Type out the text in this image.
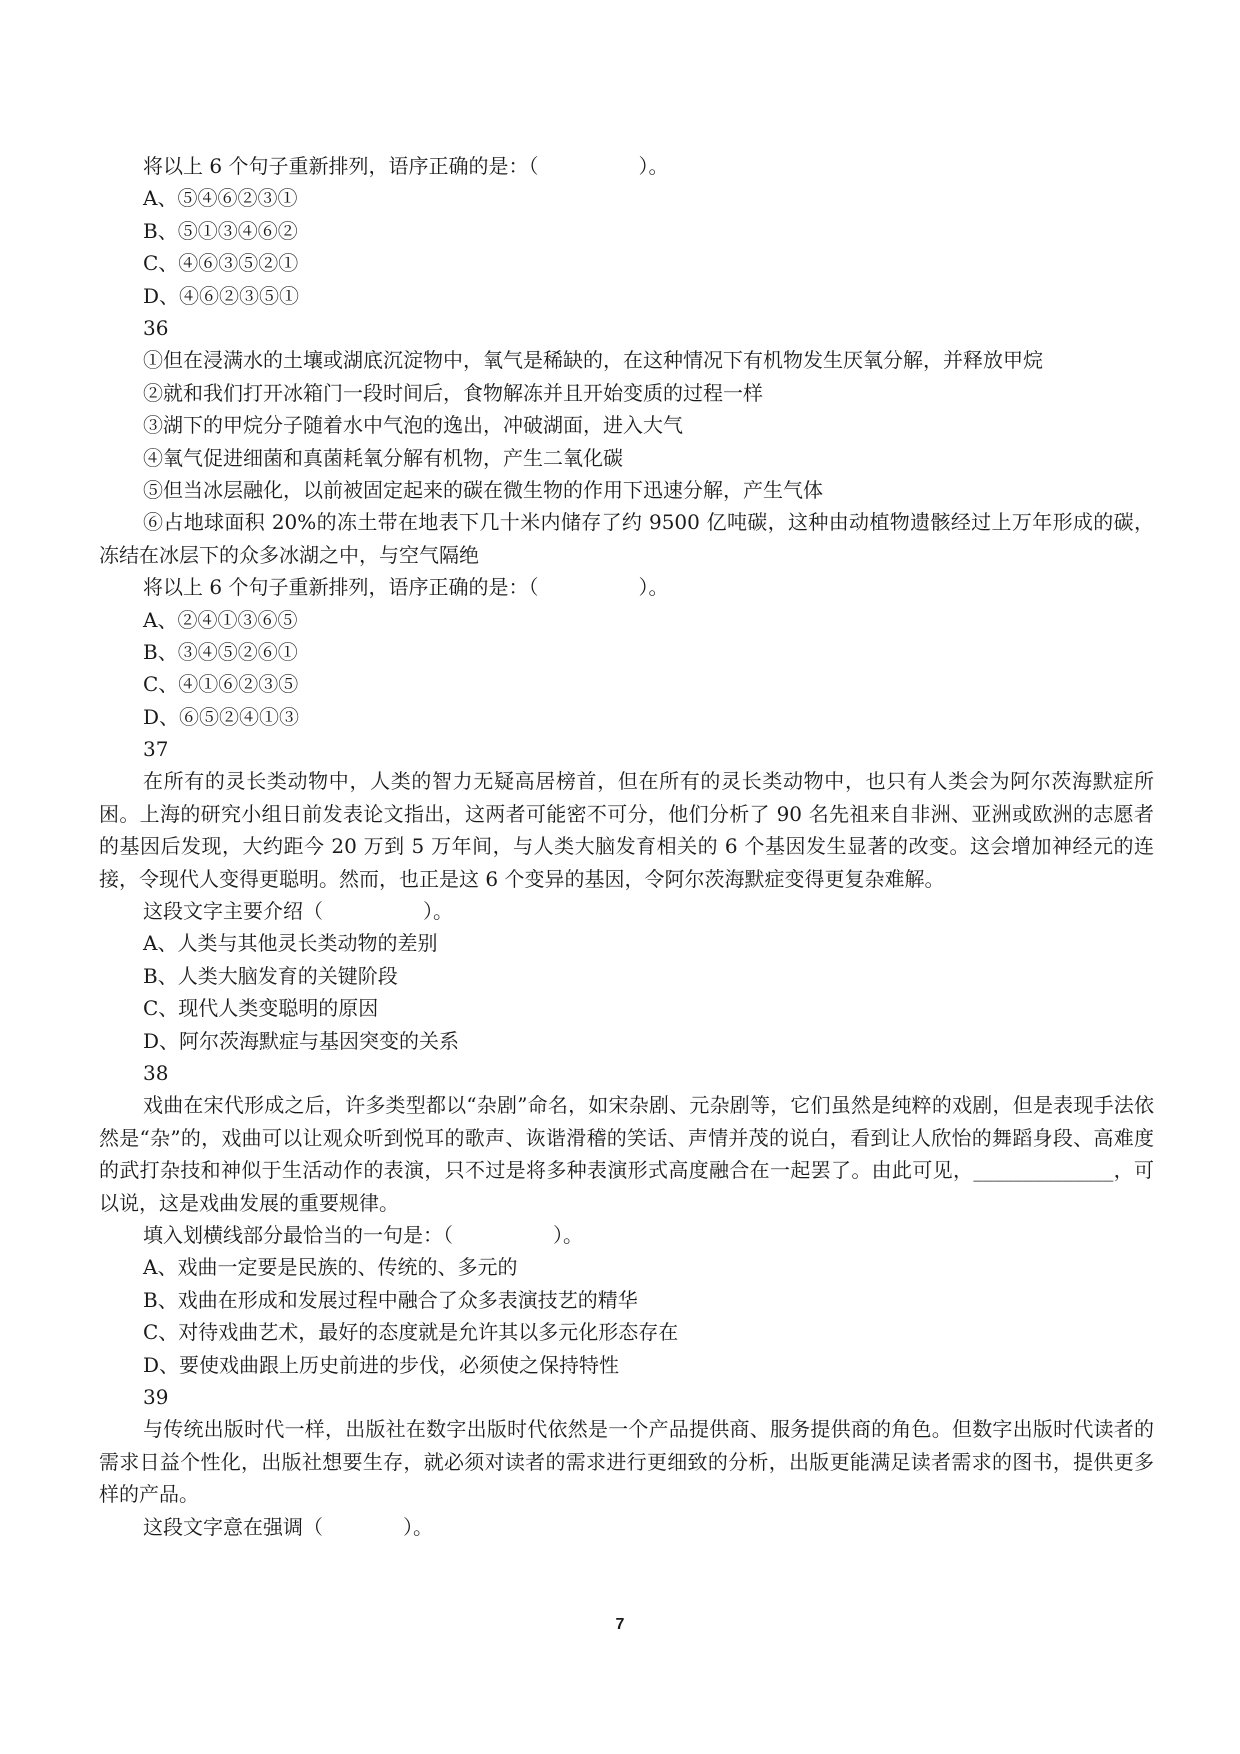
将以上 6 个句子重新排列，语序正确的是：（　　　　　）。

A、⑤④⑥②③①

B、⑤①③④⑥②

C、④⑥③⑤②①

D、④⑥②③⑤①

36

①但在浸满水的土壤或湖底沉淀物中，氧气是稀缺的，在这种情况下有机物发生厌氧分解，并释放甲烷

②就和我们打开冰箱门一段时间后，食物解冻并且开始变质的过程一样

③湖下的甲烷分子随着水中气泡的逸出，冲破湖面，进入大气

④氧气促进细菌和真菌耗氧分解有机物，产生二氧化碳

⑤但当冰层融化，以前被固定起来的碳在微生物的作用下迅速分解，产生气体

⑥占地球面积 20%的冻土带在地表下几十米内储存了约 9500 亿吨碳，这种由动植物遗骸经过上万年形成的碳，冻结在冰层下的众多冰湖之中，与空气隔绝

将以上 6 个句子重新排列，语序正确的是：（　　　　　）。

A、②④①③⑥⑤

B、③④⑤②⑥①

C、④①⑥②③⑤

D、⑥⑤②④①③

37

在所有的灵长类动物中，人类的智力无疑高居榜首，但在所有的灵长类动物中，也只有人类会为阿尔茨海默症所困。上海的研究小组日前发表论文指出，这两者可能密不可分，他们分析了 90 名先祖来自非洲、亚洲或欧洲的志愿者的基因后发现，大约距今 20 万到 5 万年间，与人类大脑发育相关的 6 个基因发生显著的改变。这会增加神经元的连接，令现代人变得更聪明。然而，也正是这 6 个变异的基因，令阿尔茨海默症变得更复杂难解。

这段文字主要介绍（　　　　　）。

A、人类与其他灵长类动物的差别

B、人类大脑发育的关键阶段

C、现代人类变聪明的原因

D、阿尔茨海默症与基因突变的关系

38

戏曲在宋代形成之后，许多类型都以“杂剧”命名，如宋杂剧、元杂剧等，它们虽然是纯粹的戏剧，但是表现手法依然是“杂”的，戏曲可以让观众听到悦耳的歌声、诙谐滑稽的笑话、声情并茂的说白，看到让人欣怡的舞蹈身段、高难度的武打杂技和神似于生活动作的表演，只不过是将多种表演形式高度融合在一起罢了。由此可见，______________，可以说，这是戏曲发展的重要规律。

填入划横线部分最恰当的一句是：（　　　　　）。

A、戏曲一定要是民族的、传统的、多元的

B、戏曲在形成和发展过程中融合了众多表演技艺的精华

C、对待戏曲艺术，最好的态度就是允许其以多元化形态存在

D、要使戏曲跟上历史前进的步伐，必须使之保持特性

39

与传统出版时代一样，出版社在数字出版时代依然是一个产品提供商、服务提供商的角色。但数字出版时代读者的需求日益个性化，出版社想要生存，就必须对读者的需求进行更细致的分析，出版更能满足读者需求的图书，提供更多样的产品。

这段文字意在强调（　　　　）。

7
